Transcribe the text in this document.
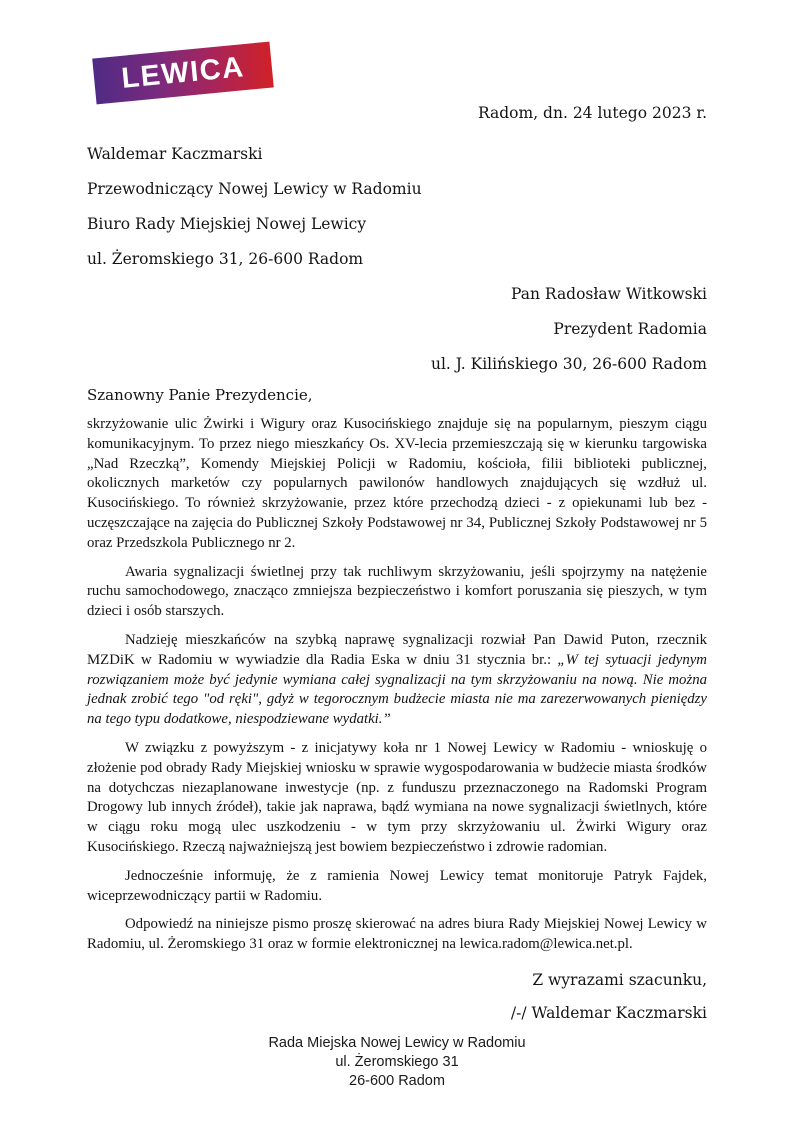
LEWICA
Radom, dn. 24 lutego 2023 r.
Waldemar Kaczmarski
Przewodniczący Nowej Lewicy w Radomiu
Biuro Rady Miejskiej Nowej Lewicy
ul. Żeromskiego 31, 26-600 Radom
Pan Radosław Witkowski
Prezydent Radomia
ul. J. Kilińskiego 30, 26-600 Radom
Szanowny Panie Prezydencie,

skrzyżowanie ulic Żwirki i Wigury oraz Kusocińskiego znajduje się na popularnym, pieszym ciągu komunikacyjnym. To przez niego mieszkańcy Os. XV-lecia przemieszczają się w kierunku targowiska „Nad Rzeczką”, Komendy Miejskiej Policji w Radomiu, kościoła, filii biblioteki publicznej, okolicznych marketów czy popularnych pawilonów handlowych znajdujących się wzdłuż ul. Kusocińskiego. To również skrzyżowanie, przez które przechodzą dzieci - z opiekunami lub bez - uczęszczające na zajęcia do Publicznej Szkoły Podstawowej nr 34, Publicznej Szkoły Podstawowej nr 5 oraz Przedszkola Publicznego nr 2.

Awaria sygnalizacji świetlnej przy tak ruchliwym skrzyżowaniu, jeśli spojrzymy na natężenie ruchu samochodowego, znacząco zmniejsza bezpieczeństwo i komfort poruszania się pieszych, w tym dzieci i osób starszych.

Nadzieję mieszkańców na szybką naprawę sygnalizacji rozwiał Pan Dawid Puton, rzecznik MZDiK w Radomiu w wywiadzie dla Radia Eska w dniu 31 stycznia br.: „W tej sytuacji jedynym rozwiązaniem może być jedynie wymiana całej sygnalizacji na tym skrzyżowaniu na nową. Nie można jednak zrobić tego "od ręki", gdyż w tegorocznym budżecie miasta nie ma zarezerwowanych pieniędzy na tego typu dodatkowe, niespodziewane wydatki.”

W związku z powyższym - z inicjatywy koła nr 1 Nowej Lewicy w Radomiu - wnioskuję o złożenie pod obrady Rady Miejskiej wniosku w sprawie wygospodarowania w budżecie miasta środków na dotychczas niezaplanowane inwestycje (np. z funduszu przeznaczonego na Radomski Program Drogowy lub innych źródeł), takie jak naprawa, bądź wymiana na nowe sygnalizacji świetlnych, które w ciągu roku mogą ulec uszkodzeniu - w tym przy skrzyżowaniu ul. Żwirki Wigury oraz Kusocińskiego. Rzeczą najważniejszą jest bowiem bezpieczeństwo i zdrowie radomian.

Jednocześnie informuję, że z ramienia Nowej Lewicy temat monitoruje Patryk Fajdek, wiceprzewodniczący partii w Radomiu.

Odpowiedź na niniejsze pismo proszę skierować na adres biura Rady Miejskiej Nowej Lewicy w Radomiu, ul. Żeromskiego 31 oraz w formie elektronicznej na lewica.radom@lewica.net.pl.

Z wyrazami szacunku,
/-/ Waldemar Kaczmarski
Rada Miejska Nowej Lewicy w Radomiu
ul. Żeromskiego 31
26-600 Radom
